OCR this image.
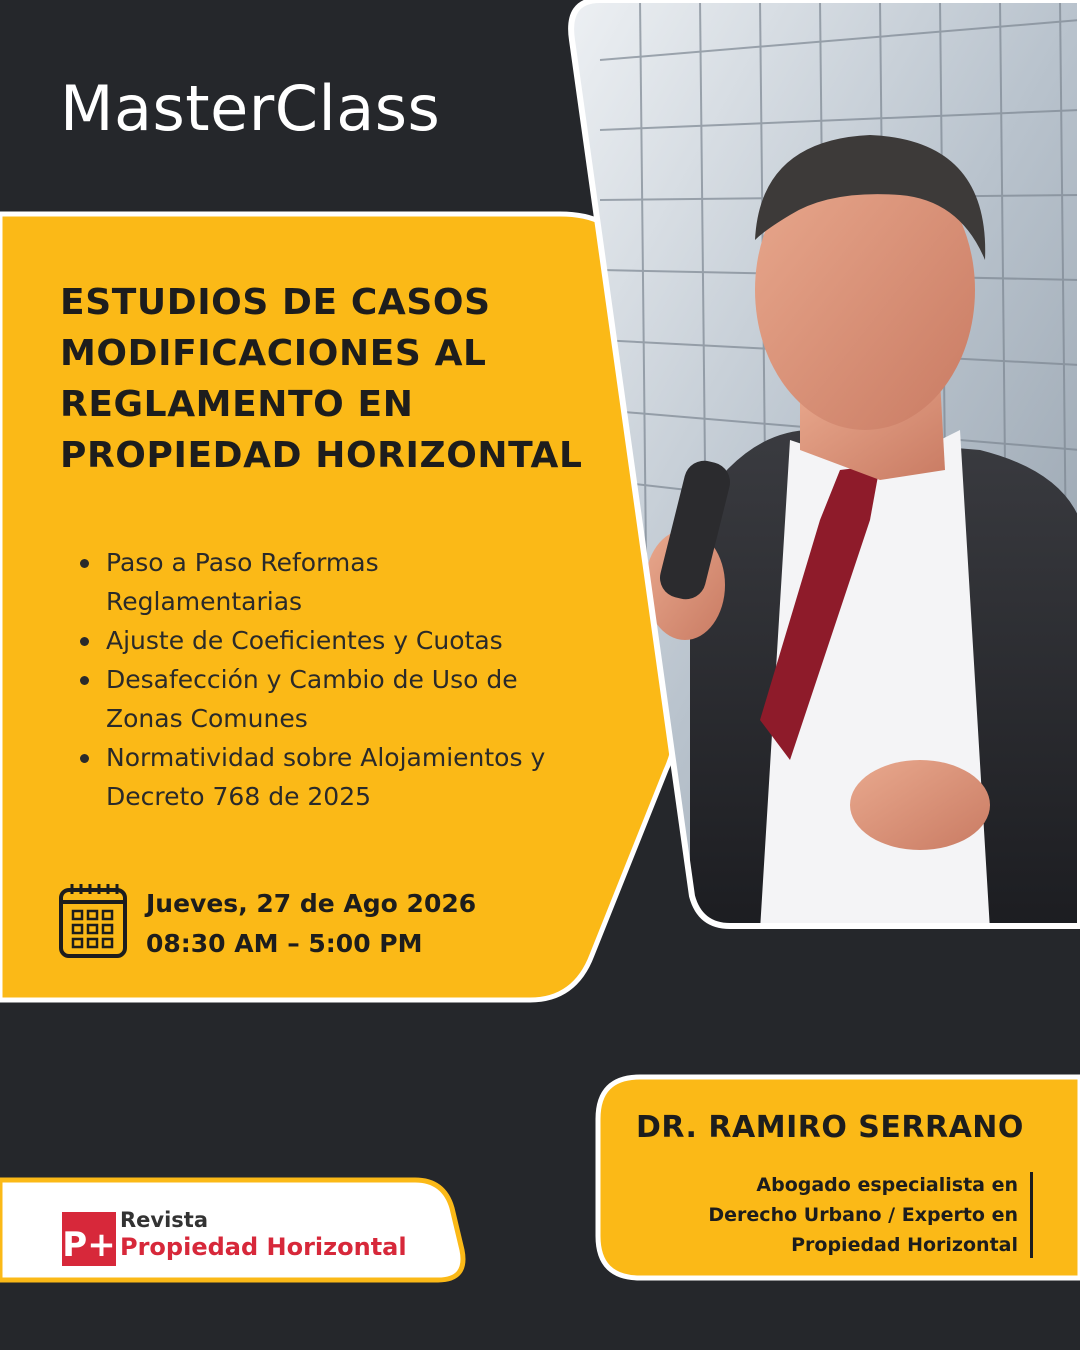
MasterClass
ESTUDIOS DE CASOS
MODIFICACIONES AL
REGLAMENTO EN
PROPIEDAD HORIZONTAL
Paso a Paso Reformas
Reglamentarias
Ajuste de Coeficientes y Cuotas
Desafección y Cambio de Uso de
Zonas Comunes
Normatividad sobre Alojamientos y
Decreto 768 de 2025
Jueves, 27 de Ago 2026
08:30 AM – 5:00 PM
DR. RAMIRO SERRANO
Abogado especialista en
Derecho Urbano / Experto en
Propiedad Horizontal
P+
Revista
Propiedad Horizontal
